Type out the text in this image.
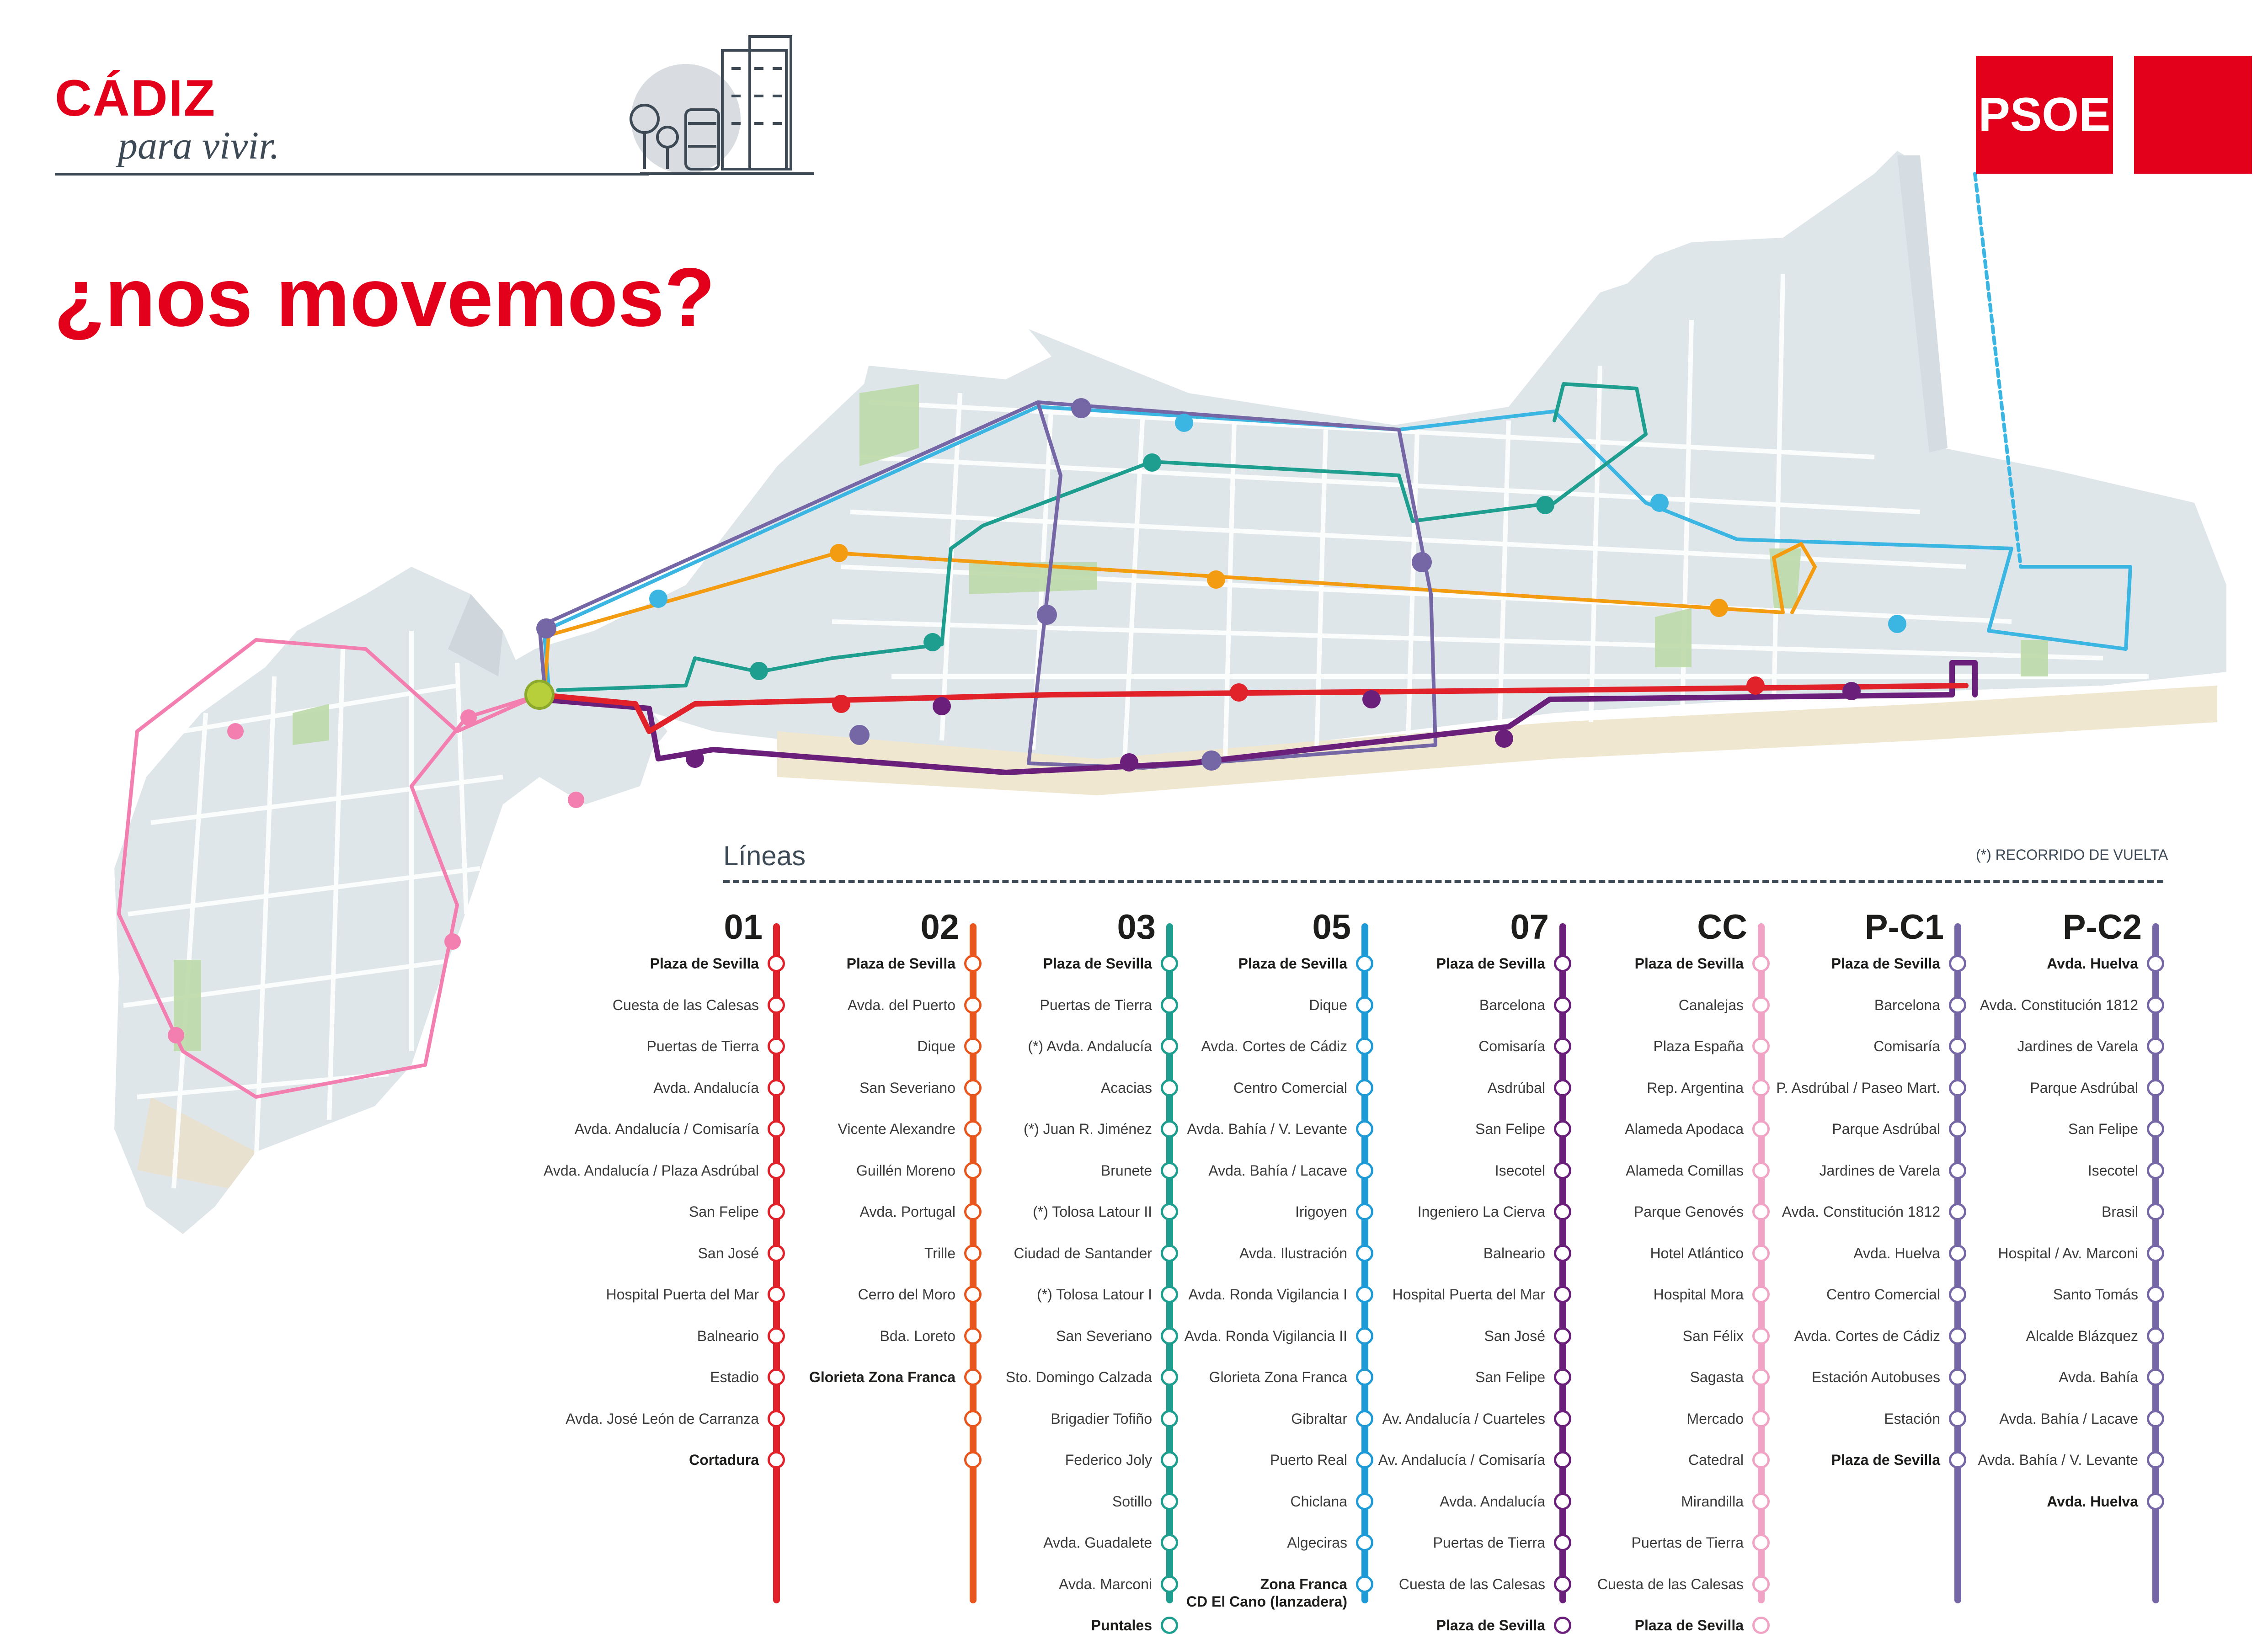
CÁDIZ
para vivir.
¿nos movemos?
PSOE
Líneas	(*) RECORRIDO DE VUELTA
01
Plaza de Sevilla
Cuesta de las Calesas
Puertas de Tierra
Avda. Andalucía
Avda. Andalucía / Comisaría
Avda. Andalucía / Plaza Asdrúbal
San Felipe
San José
Hospital Puerta del Mar
Balneario
Estadio
Avda. José León de Carranza
Cortadura
02
Plaza de Sevilla
Avda. del Puerto
Dique
San Severiano
Vicente Alexandre
Guillén Moreno
Avda. Portugal
Trille
Cerro del Moro
Bda. Loreto
Glorieta Zona Franca
03
Plaza de Sevilla
Puertas de Tierra
(*) Avda. Andalucía
Acacias
(*) Juan R. Jiménez
Brunete
(*) Tolosa Latour II
Ciudad de Santander
(*) Tolosa Latour I
San Severiano
Sto. Domingo Calzada
Brigadier Tofiño
Federico Joly
Sotillo
Avda. Guadalete
Avda. Marconi
Puntales
05
Plaza de Sevilla
Dique
Avda. Cortes de Cádiz
Centro Comercial
Avda. Bahía / V. Levante
Avda. Bahía / Lacave
Irigoyen
Avda. Ilustración
Avda. Ronda Vigilancia I
Avda. Ronda Vigilancia II
Glorieta Zona Franca
Gibraltar
Puerto Real
Chiclana
Algeciras
Zona Franca
CD El Cano (lanzadera)
07
Plaza de Sevilla
Barcelona
Comisaría
Asdrúbal
San Felipe
Isecotel
Ingeniero La Cierva
Balneario
Hospital Puerta del Mar
San José
San Felipe
Av. Andalucía / Cuarteles
Av. Andalucía / Comisaría
Avda. Andalucía
Puertas de Tierra
Cuesta de las Calesas
Plaza de Sevilla
CC
Plaza de Sevilla
Canalejas
Plaza España
Rep. Argentina
Alameda Apodaca
Alameda Comillas
Parque Genovés
Hotel Atlántico
Hospital Mora
San Félix
Sagasta
Mercado
Catedral
Mirandilla
Puertas de Tierra
Cuesta de las Calesas
Plaza de Sevilla
P-C1
Plaza de Sevilla
Barcelona
Comisaría
P. Asdrúbal / Paseo Mart.
Parque Asdrúbal
Jardines de Varela
Avda. Constitución 1812
Avda. Huelva
Centro Comercial
Avda. Cortes de Cádiz
Estación Autobuses
Estación
Plaza de Sevilla
P-C2
Avda. Huelva
Avda. Constitución 1812
Jardines de Varela
Parque Asdrúbal
San Felipe
Isecotel
Brasil
Hospital / Av. Marconi
Santo Tomás
Alcalde Blázquez
Avda. Bahía
Avda. Bahía / Lacave
Avda. Bahía / V. Levante
Avda. Huelva
